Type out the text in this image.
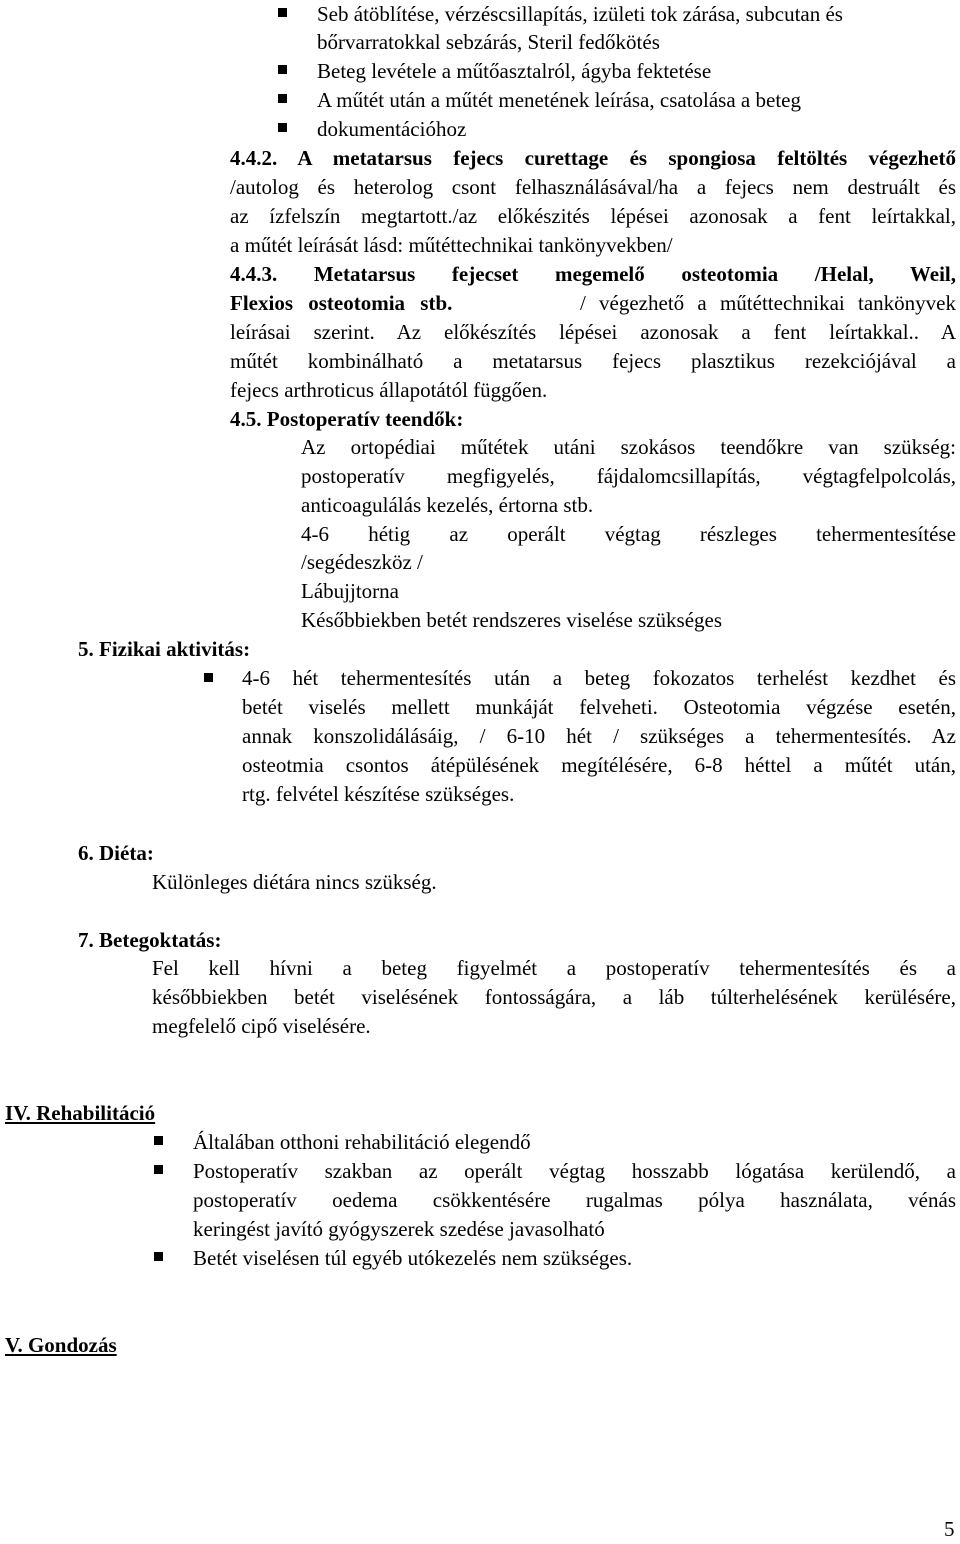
Seb átöblítése, vérzéscsillapítás, izületi tok zárása, subcutan és
bőrvarratokkal sebzárás, Steril fedőkötés
Beteg levétele a műtőasztalról, ágyba fektetése
A műtét után a műtét menetének leírása, csatolása a beteg
dokumentációhoz
4.4.2. A metatarsus fejecs curettage és spongiosa feltöltés végezhető
/autolog és heterolog csont felhasználásával/ha a fejecs nem destruált és
az ízfelszín megtartott./az előkészités lépései azonosak a fent leírtakkal,
a műtét leírását lásd: műtéttechnikai tankönyvekben/
4.4.3. Metatarsus fejecset megemelő osteotomia /Helal, Weil,
Flexios osteotomia stb.	/ végezhető a műtéttechnikai tankönyvek
leírásai szerint. Az előkészítés lépései azonosak a fent leírtakkal.. A
műtét kombinálható a metatarsus fejecs plasztikus rezekciójával a
fejecs arthroticus állapotától függően.
4.5. Postoperatív teendők:
Az ortopédiai műtétek utáni szokásos teendőkre van szükség:
postoperatív megfigyelés, fájdalomcsillapítás, végtagfelpolcolás,
anticoagulálás kezelés, értorna stb.
4-6 hétig az operált végtag részleges tehermentesítése
/segédeszköz /
Lábujjtorna
Későbbiekben betét rendszeres viselése szükséges
5. Fizikai aktivitás:
4-6 hét tehermentesítés után a beteg fokozatos terhelést kezdhet és
betét viselés mellett munkáját felveheti. Osteotomia végzése esetén,
annak konszolidálásáig, / 6-10 hét / szükséges a tehermentesítés. Az
osteotmia csontos átépülésének megítélésére, 6-8 héttel a műtét után,
rtg. felvétel készítése szükséges.
6. Diéta:
Különleges diétára nincs szükség.
7. Betegoktatás:
Fel kell hívni a beteg figyelmét a postoperatív tehermentesítés és a
későbbiekben betét viselésének fontosságára, a láb túlterhelésének kerülésére,
megfelelő cipő viselésére.
IV. Rehabilitáció
Általában otthoni rehabilitáció elegendő
Postoperatív szakban az operált végtag hosszabb lógatása kerülendő, a
postoperatív oedema csökkentésére rugalmas pólya használata, vénás
keringést javító gyógyszerek szedése javasolható
Betét viselésen túl egyéb utókezelés nem szükséges.
V. Gondozás
5
